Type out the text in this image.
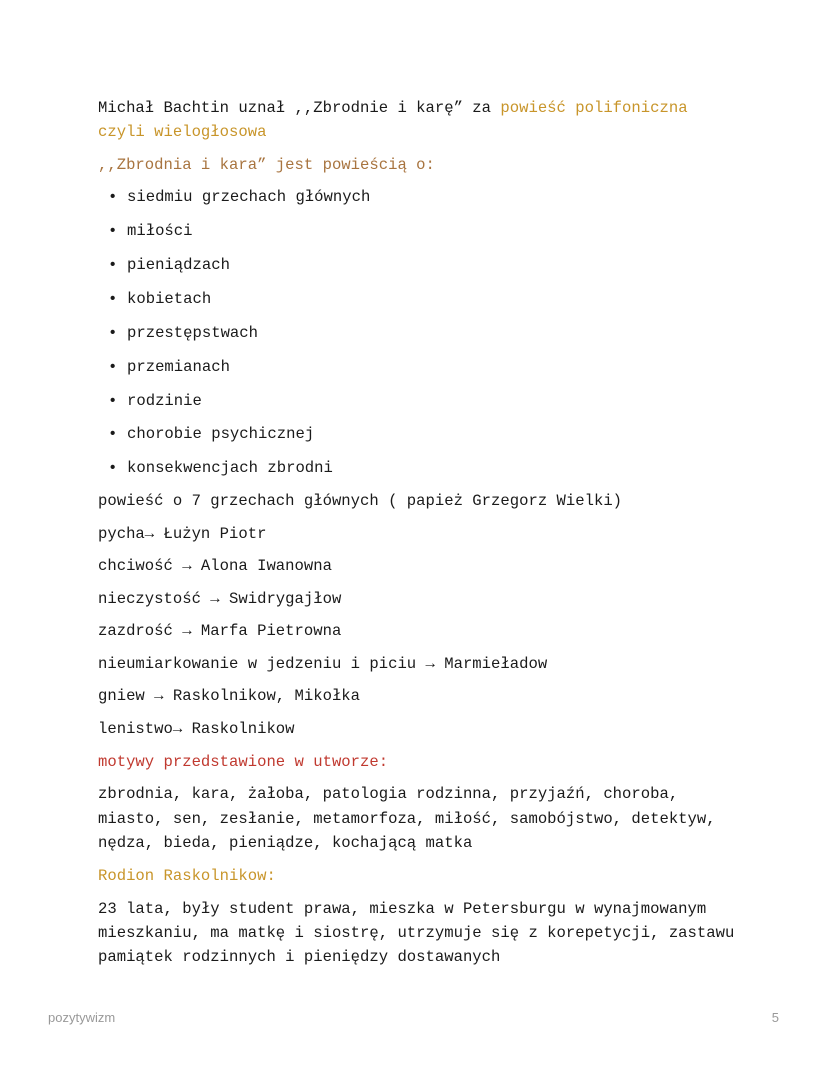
Michał Bachtin uznał ,,Zbrodnie i karę” za powieść polifoniczna czyli wielogłosowa

,,Zbrodnia i kara” jest powieścią o:

• siedmiu grzechach głównych
• miłości
• pieniądzach
• kobietach
• przestępstwach
• przemianach
• rodzinie
• chorobie psychicznej
• konsekwencjach zbrodni

powieść o 7 grzechach głównych ( papież Grzegorz Wielki)

pycha→ Łużyn Piotr

chciwość → Alona Iwanowna

nieczystość → Swidrygajłow

zazdrość → Marfa Pietrowna

nieumiarkowanie w jedzeniu i piciu → Marmieładow

gniew → Raskolnikow, Mikołka

lenistwo→ Raskolnikow

motywy przedstawione w utworze:

zbrodnia, kara, żałoba, patologia rodzinna, przyjaźń, choroba, miasto, sen, zesłanie, metamorfoza, miłość, samobójstwo, detektyw, nędza, bieda, pieniądze, kochającą matka

Rodion Raskolnikow:

23 lata, były student prawa, mieszka w Petersburgu w wynajmowanym mieszkaniu, ma matkę i siostrę, utrzymuje się z korepetycji, zastawu pamiątek rodzinnych i pieniędzy dostawanych

pozytywizm	5
